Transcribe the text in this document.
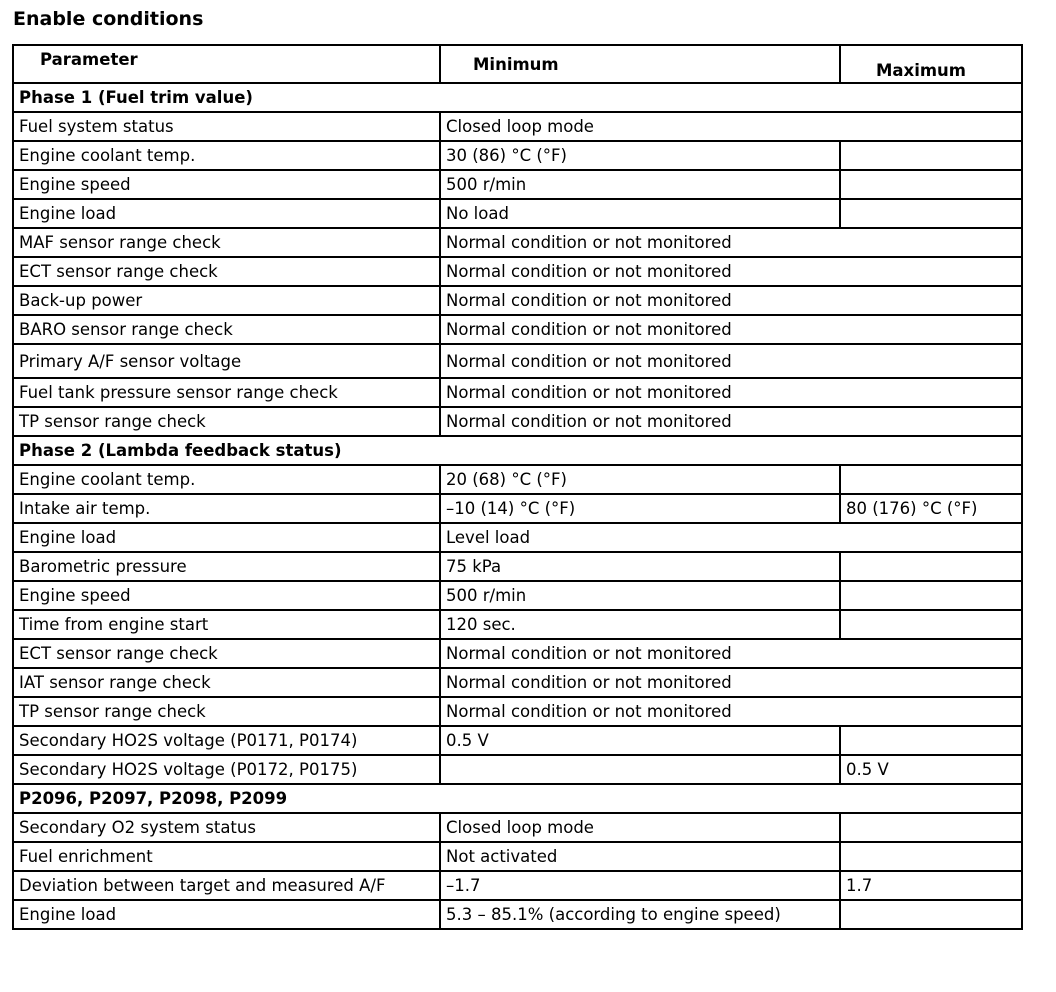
Enable conditions
Parameter	Minimum	Maximum
Phase 1 (Fuel trim value)		
Fuel system status	Closed loop mode	
Engine coolant temp.	30 (86) °C (°F)	
Engine speed	500 r/min	
Engine load	No load	
MAF sensor range check	Normal condition or not monitored	
ECT sensor range check	Normal condition or not monitored	
Back-up power	Normal condition or not monitored	
BARO sensor range check	Normal condition or not monitored	
Primary A/F sensor voltage	Normal condition or not monitored	
Fuel tank pressure sensor range check	Normal condition or not monitored	
TP sensor range check	Normal condition or not monitored	
Phase 2 (Lambda feedback status)		
Engine coolant temp.	20 (68) °C (°F)	
Intake air temp.	–10 (14) °C (°F)	80 (176) °C (°F)
Engine load	Level load	
Barometric pressure	75 kPa	
Engine speed	500 r/min	
Time from engine start	120 sec.	
ECT sensor range check	Normal condition or not monitored	
IAT sensor range check	Normal condition or not monitored	
TP sensor range check	Normal condition or not monitored	
Secondary HO2S voltage (P0171, P0174)	0.5 V	
Secondary HO2S voltage (P0172, P0175)		0.5 V
P2096, P2097, P2098, P2099		
Secondary O2 system status	Closed loop mode	
Fuel enrichment	Not activated	
Deviation between target and measured A/F	–1.7	1.7
Engine load	5.3 – 85.1% (according to engine speed)	
